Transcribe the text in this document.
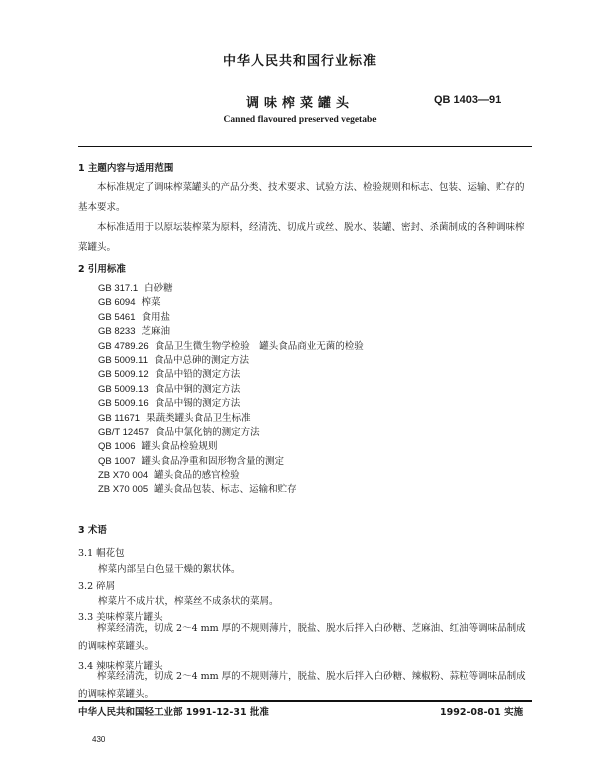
中华人民共和国行业标准
调味榨菜罐头	QB 1403—91
Canned flavoured preserved vegetabe
1 主题内容与适用范围
本标准规定了调味榨菜罐头的产品分类、技术要求、试验方法、检验规则和标志、包装、运输、贮存的基本要求。
本标准适用于以原坛装榨菜为原料，经清洗、切成片或丝、脱水、装罐、密封、杀菌制成的各种调味榨菜罐头。
2 引用标准
GB 317.1 白砂糖
GB 6094 榨菜
GB 5461 食用盐
GB 8233 芝麻油
GB 4789.26 食品卫生微生物学检验　罐头食品商业无菌的检验
GB 5009.11 食品中总砷的测定方法
GB 5009.12 食品中铅的测定方法
GB 5009.13 食品中铜的测定方法
GB 5009.16 食品中锡的测定方法
GB 11671 果蔬类罐头食品卫生标准
GB/T 12457 食品中氯化钠的测定方法
QB 1006 罐头食品检验规则
QB 1007 罐头食品净重和固形物含量的测定
ZB X70 004 罐头食品的感官检验
ZB X70 005 罐头食品包装、标志、运输和贮存
3 术语
3.1 帽花包
榨菜内部呈白色显干燥的絮状体。
3.2 碎屑
榨菜片不成片状，榨菜丝不成条状的菜屑。
3.3 美味榨菜片罐头
榨菜经清洗，切成 2～4 mm 厚的不规则薄片，脱盐、脱水后拌入白砂糖、芝麻油、红油等调味品制成的调味榨菜罐头。
3.4 辣味榨菜片罐头
榨菜经清洗，切成 2～4 mm 厚的不规则薄片，脱盐、脱水后拌入白砂糖、辣椒粉、蒜粒等调味品制成的调味榨菜罐头。
中华人民共和国轻工业部 1991-12-31 批准	1992-08-01 实施
430
